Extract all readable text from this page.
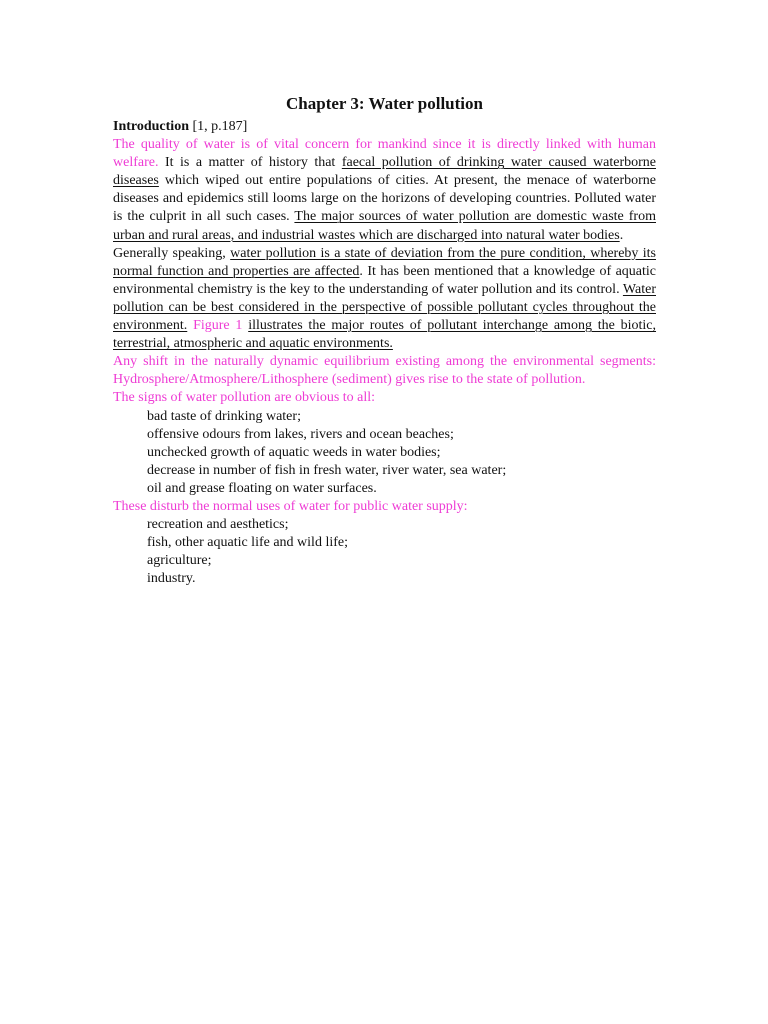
Chapter 3: Water pollution

Introduction [1, p.187]

The quality of water is of vital concern for mankind since it is directly linked with human welfare. It is a matter of history that faecal pollution of drinking water caused waterborne diseases which wiped out entire populations of cities. At present, the menace of waterborne diseases and epidemics still looms large on the horizons of developing countries. Polluted water is the culprit in all such cases. The major sources of water pollution are domestic waste from urban and rural areas, and industrial wastes which are discharged into natural water bodies.

Generally speaking, water pollution is a state of deviation from the pure condition, whereby its normal function and properties are affected. It has been mentioned that a knowledge of aquatic environmental chemistry is the key to the understanding of water pollution and its control. Water pollution can be best considered in the perspective of possible pollutant cycles throughout the environment. Figure 1 illustrates the major routes of pollutant interchange among the biotic, terrestrial, atmospheric and aquatic environments.

Any shift in the naturally dynamic equilibrium existing among the environmental segments: Hydrosphere/Atmosphere/Lithosphere (sediment) gives rise to the state of pollution.

The signs of water pollution are obvious to all:

bad taste of drinking water;
offensive odours from lakes, rivers and ocean beaches;
unchecked growth of aquatic weeds in water bodies;
decrease in number of fish in fresh water, river water, sea water;
oil and grease floating on water surfaces.

These disturb the normal uses of water for public water supply:

recreation and aesthetics;
fish, other aquatic life and wild life;
agriculture;
industry.
